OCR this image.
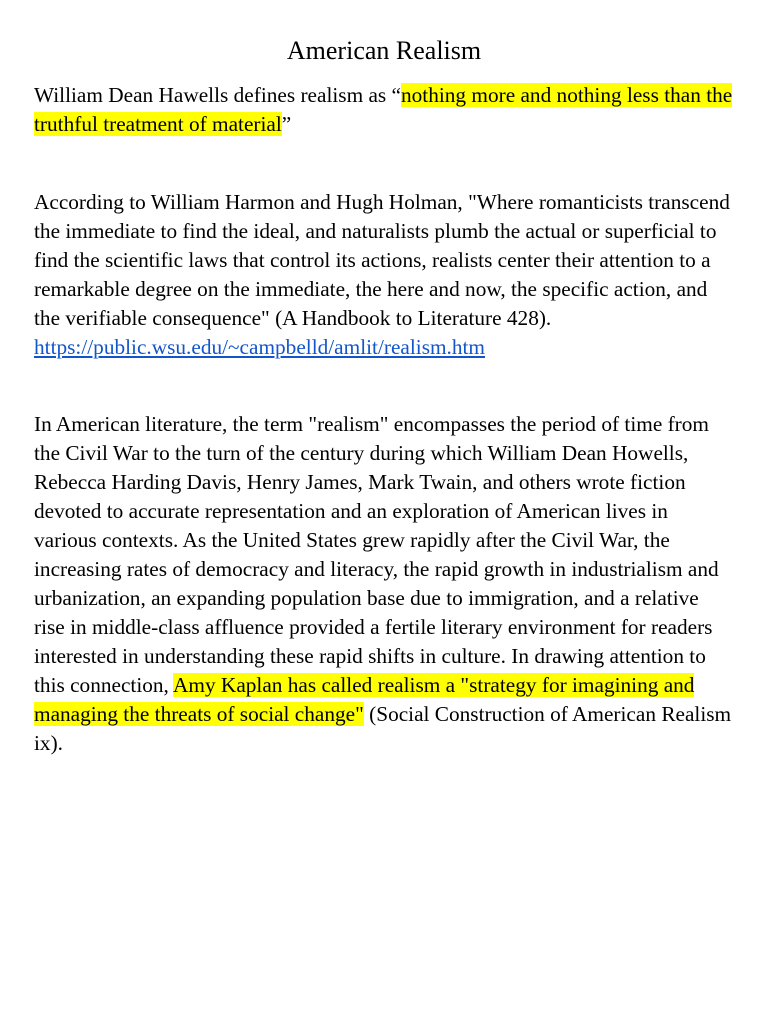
American Realism

William Dean Hawells defines realism as “nothing more and nothing less than the truthful treatment of material”

According to William Harmon and Hugh Holman, "Where romanticists transcend the immediate to find the ideal, and naturalists plumb the actual or superficial to find the scientific laws that control its actions, realists center their attention to a remarkable degree on the immediate, the here and now, the specific action, and the verifiable consequence" (A Handbook to Literature 428). https://public.wsu.edu/~campbelld/amlit/realism.htm

In American literature, the term "realism" encompasses the period of time from the Civil War to the turn of the century during which William Dean Howells, Rebecca Harding Davis, Henry James, Mark Twain, and others wrote fiction devoted to accurate representation and an exploration of American lives in various contexts. As the United States grew rapidly after the Civil War, the increasing rates of democracy and literacy, the rapid growth in industrialism and urbanization, an expanding population base due to immigration, and a relative rise in middle-class affluence provided a fertile literary environment for readers interested in understanding these rapid shifts in culture. In drawing attention to this connection, Amy Kaplan has called realism a "strategy for imagining and managing the threats of social change" (Social Construction of American Realism ix).
